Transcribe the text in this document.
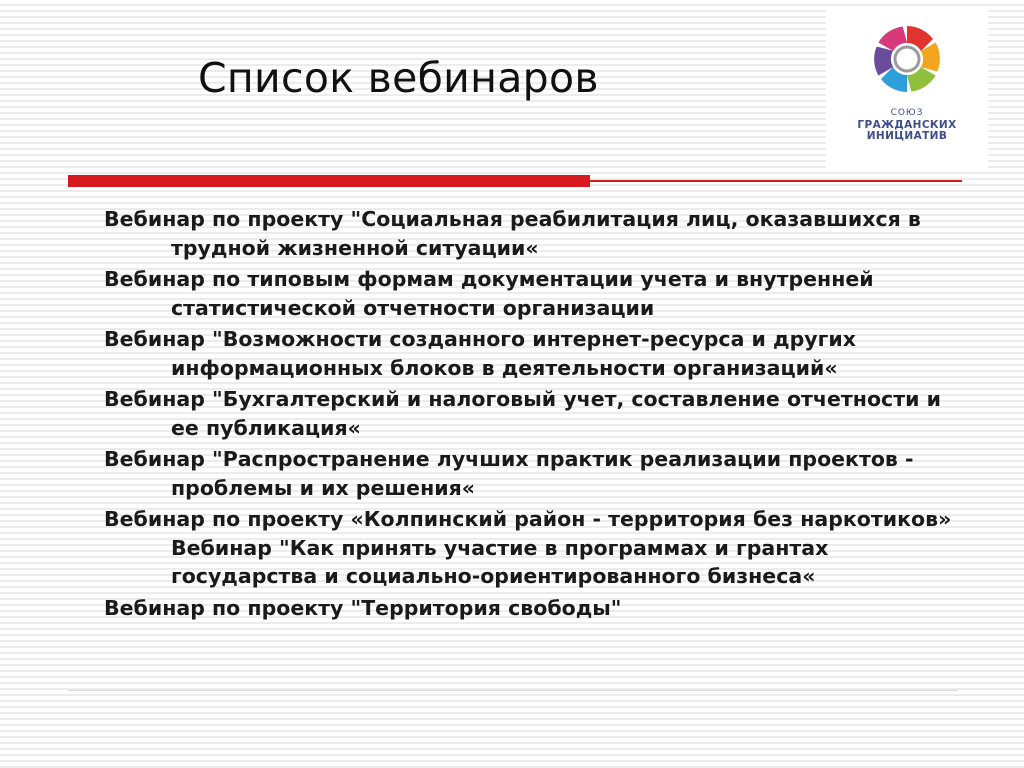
Список вебинаров
СОЮЗ
ГРАЖДАНСКИХ
ИНИЦИАТИВ
Вебинар по проекту "Социальная реабилитация лиц, оказавшихся в трудной жизненной ситуации«
Вебинар по типовым формам документации учета и внутренней статистической отчетности организации
Вебинар "Возможности созданного интернет-ресурса и других информационных блоков в деятельности организаций«
Вебинар "Бухгалтерский и налоговый учет, составление отчетности и ее публикация«
Вебинар "Распространение лучших практик реализации проектов - проблемы и их решения«
Вебинар по проекту «Колпинский район - территория без наркотиков» Вебинар "Как принять участие в программах и грантах государства и социально-ориентированного бизнеса«
Вебинар по проекту "Территория свободы"
